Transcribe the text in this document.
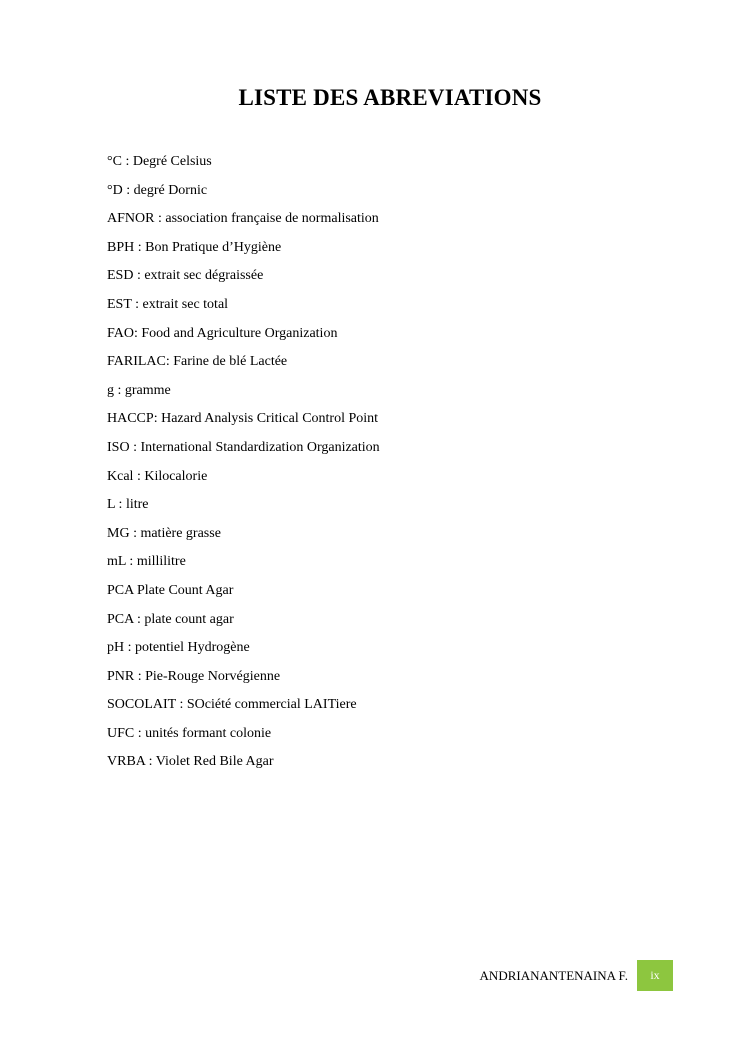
LISTE DES ABREVIATIONS
°C : Degré Celsius
°D : degré Dornic
AFNOR : association française de normalisation
BPH : Bon Pratique d’Hygiène
ESD : extrait sec dégraissée
EST : extrait sec total
FAO: Food and Agriculture Organization
FARILAC: Farine de blé Lactée
g : gramme
HACCP: Hazard Analysis Critical Control Point
ISO : International Standardization Organization
Kcal : Kilocalorie
L : litre
MG : matière grasse
mL : millilitre
PCA Plate Count Agar
PCA : plate count agar
pH : potentiel Hydrogène
PNR : Pie-Rouge Norvégienne
SOCOLAIT : SOciété commercial LAITiere
UFC : unités formant colonie
VRBA : Violet Red Bile Agar
ANDRIANANTENAINA F.	ix
